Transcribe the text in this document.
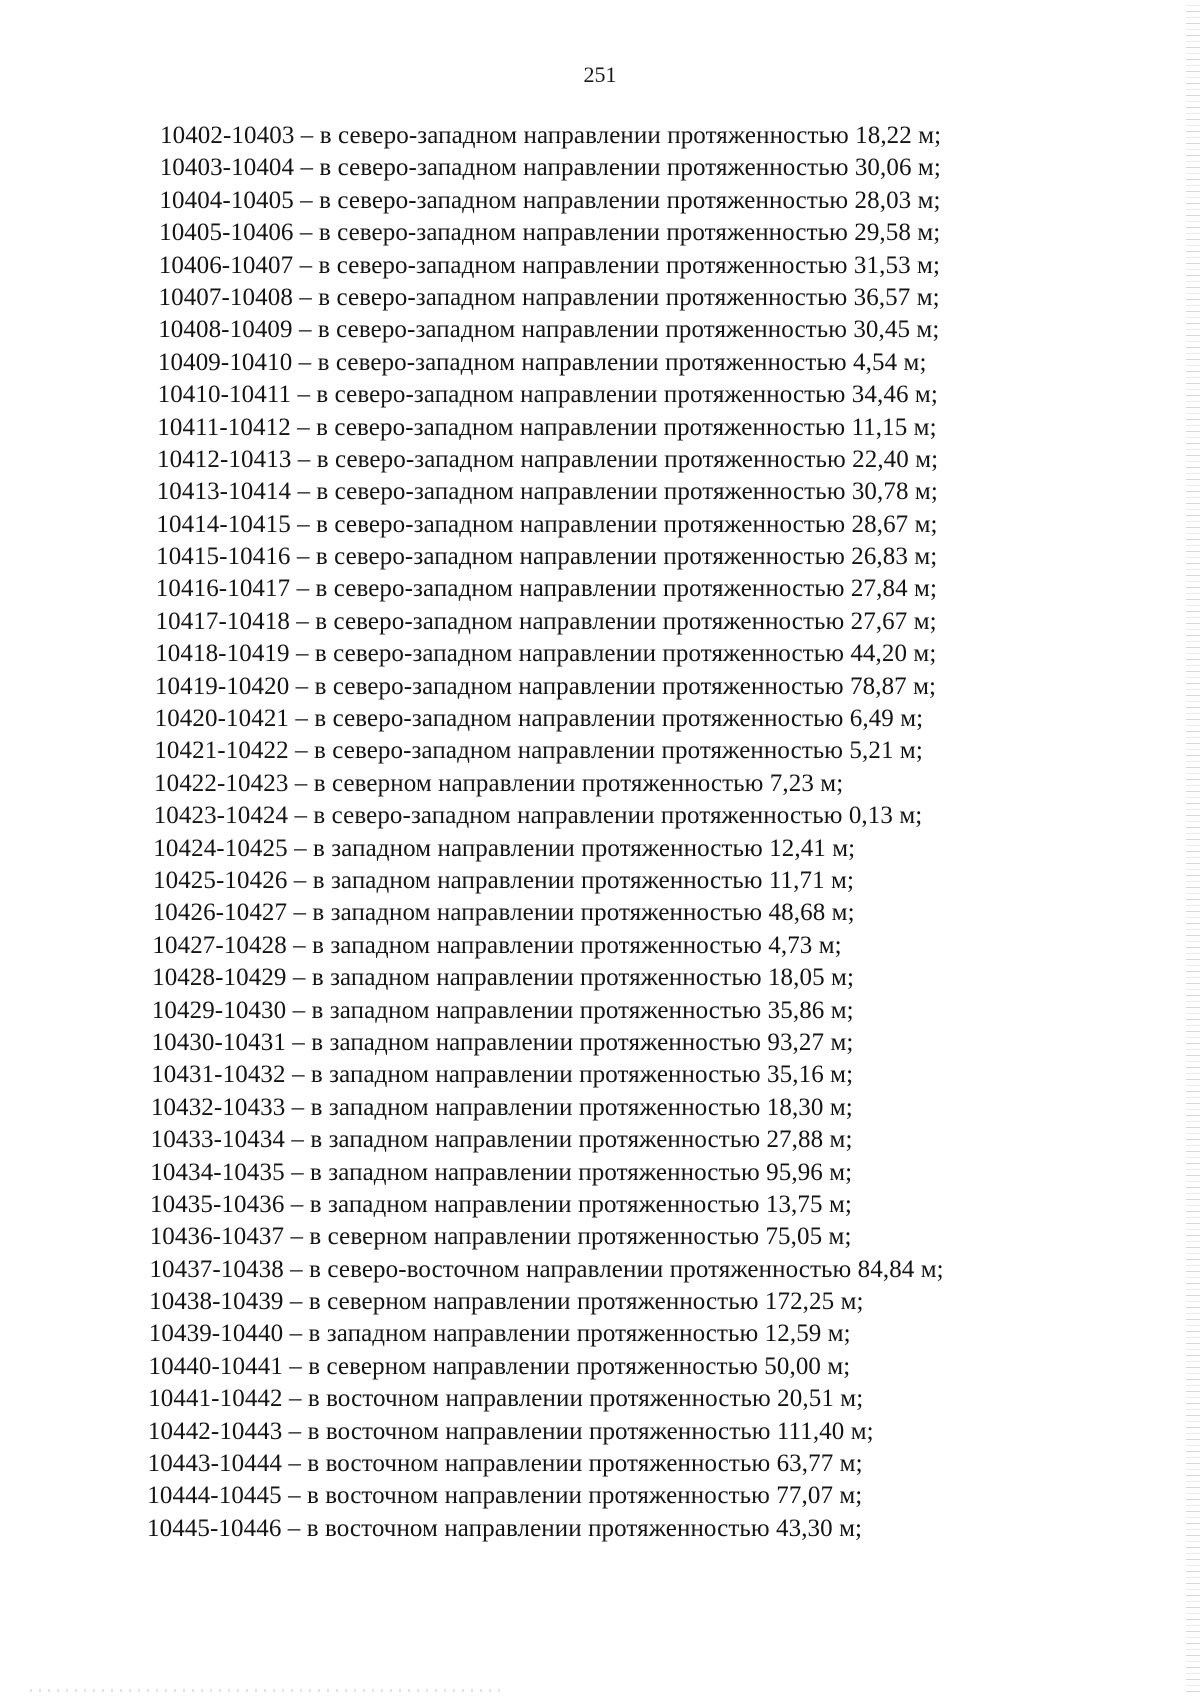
251
10402-10403 – в северо-западном направлении протяженностью 18,22 м;
10403-10404 – в северо-западном направлении протяженностью 30,06 м;
10404-10405 – в северо-западном направлении протяженностью 28,03 м;
10405-10406 – в северо-западном направлении протяженностью 29,58 м;
10406-10407 – в северо-западном направлении протяженностью 31,53 м;
10407-10408 – в северо-западном направлении протяженностью 36,57 м;
10408-10409 – в северо-западном направлении протяженностью 30,45 м;
10409-10410 – в северо-западном направлении протяженностью 4,54 м;
10410-10411 – в северо-западном направлении протяженностью 34,46 м;
10411-10412 – в северо-западном направлении протяженностью 11,15 м;
10412-10413 – в северо-западном направлении протяженностью 22,40 м;
10413-10414 – в северо-западном направлении протяженностью 30,78 м;
10414-10415 – в северо-западном направлении протяженностью 28,67 м;
10415-10416 – в северо-западном направлении протяженностью 26,83 м;
10416-10417 – в северо-западном направлении протяженностью 27,84 м;
10417-10418 – в северо-западном направлении протяженностью 27,67 м;
10418-10419 – в северо-западном направлении протяженностью 44,20 м;
10419-10420 – в северо-западном направлении протяженностью 78,87 м;
10420-10421 – в северо-западном направлении протяженностью 6,49 м;
10421-10422 – в северо-западном направлении протяженностью 5,21 м;
10422-10423 – в северном направлении протяженностью 7,23 м;
10423-10424 – в северо-западном направлении протяженностью 0,13 м;
10424-10425 – в западном направлении протяженностью 12,41 м;
10425-10426 – в западном направлении протяженностью 11,71 м;
10426-10427 – в западном направлении протяженностью 48,68 м;
10427-10428 – в западном направлении протяженностью 4,73 м;
10428-10429 – в западном направлении протяженностью 18,05 м;
10429-10430 – в западном направлении протяженностью 35,86 м;
10430-10431 – в западном направлении протяженностью 93,27 м;
10431-10432 – в западном направлении протяженностью 35,16 м;
10432-10433 – в западном направлении протяженностью 18,30 м;
10433-10434 – в западном направлении протяженностью 27,88 м;
10434-10435 – в западном направлении протяженностью 95,96 м;
10435-10436 – в западном направлении протяженностью 13,75 м;
10436-10437 – в северном направлении протяженностью 75,05 м;
10437-10438 – в северо-восточном направлении протяженностью 84,84 м;
10438-10439 – в северном направлении протяженностью 172,25 м;
10439-10440 – в западном направлении протяженностью 12,59 м;
10440-10441 – в северном направлении протяженностью 50,00 м;
10441-10442 – в восточном направлении протяженностью 20,51 м;
10442-10443 – в восточном направлении протяженностью 111,40 м;
10443-10444 – в восточном направлении протяженностью 63,77 м;
10444-10445 – в восточном направлении протяженностью 77,07 м;
10445-10446 – в восточном направлении протяженностью 43,30 м;
